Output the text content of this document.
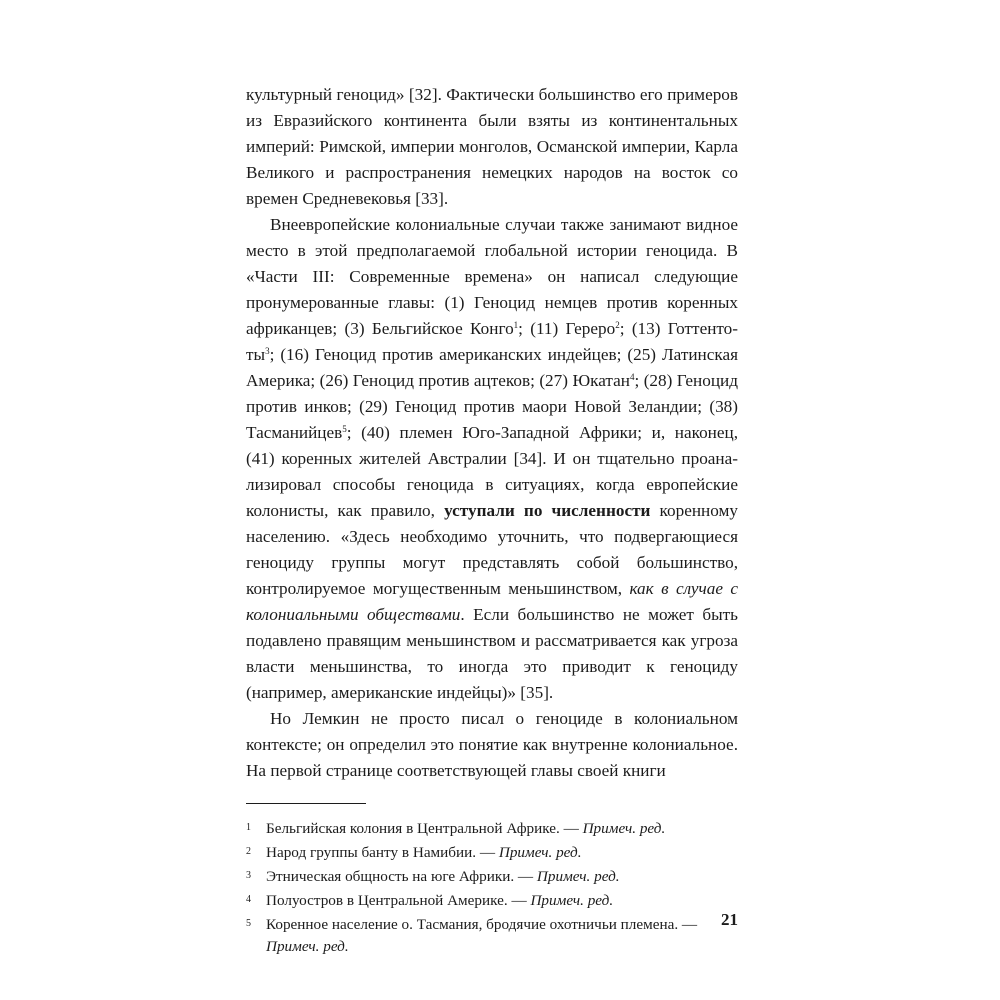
культурный геноцид» [32]. Фактически большинство его примеров из Евразийского континента были взяты из континентальных империй: Римской, империи монголов, Османской империи, Карла Великого и распространения немецких народов на восток со времен Средневековья [33].

Внеевропейские колониальные случаи также занимают видное место в этой предполагаемой глобальной истории геноцида. В «Части III: Современные времена» он написал следующие пронумерованные главы: (1) Геноцид немцев против коренных африканцев; (3) Бельгийское Конго$^1$; (11) Гереро$^2$; (13) Готтентоты$^3$; (16) Геноцид против американских индейцев; (25) Латинская Америка; (26) Геноцид против ацтеков; (27) Юкатан$^4$; (28) Геноцид против инков; (29) Геноцид против маори Новой Зеландии; (38) Тасманийцев$^5$; (40) племен Юго-Западной Африки; и, наконец, (41) коренных жителей Австралии [34]. И он тщательно проанализировал способы геноцида в ситуациях, когда европейские колонисты, как правило, уступали по численности коренному населению. «Здесь необходимо уточнить, что подвергающиеся геноциду группы могут представлять собой большинство, контролируемое могущественным меньшинством, как в случае с колониальными обществами. Если большинство не может быть подавлено правящим меньшинством и рассматривается как угроза власти меньшинства, то иногда это приводит к геноциду (например, американские индейцы)» [35].

Но Лемкин не просто писал о геноциде в колониальном контексте; он определил это понятие как внутренне колониальное. На первой странице соответствующей главы своей книги

1 Бельгийская колония в Центральной Африке. — Примеч. ред.
2 Народ группы банту в Намибии. — Примеч. ред.
3 Этническая общность на юге Африки. — Примеч. ред.
4 Полуостров в Центральной Америке. — Примеч. ред.
5 Коренное население о. Тасмания, бродячие охотничьи племена. — Примеч. ред.
21
